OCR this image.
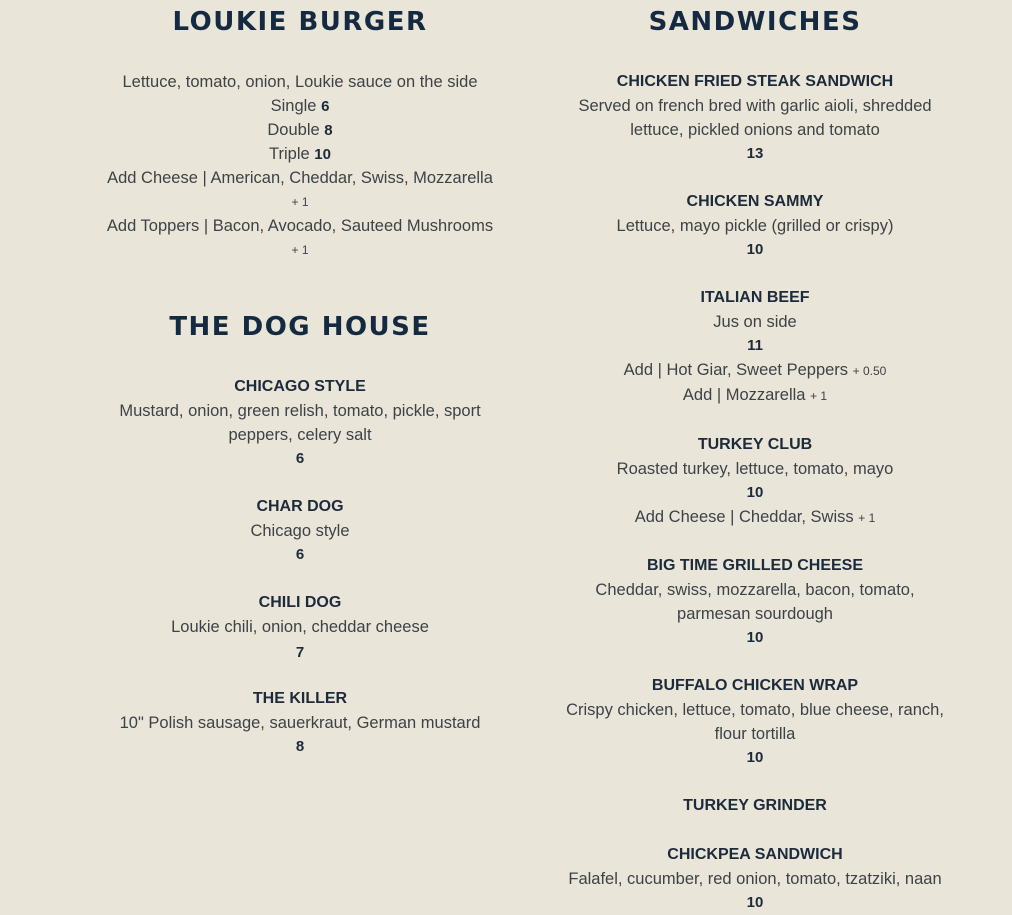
LOUKIE BURGER
Lettuce, tomato, onion, Loukie sauce on the side
Single 6
Double 8
Triple 10
Add Cheese | American, Cheddar, Swiss, Mozzarella
+ 1
Add Toppers | Bacon, Avocado, Sauteed Mushrooms
+ 1
THE DOG HOUSE
CHICAGO STYLE
Mustard, onion, green relish, tomato, pickle, sport
peppers, celery salt
6
CHAR DOG
Chicago style
6
CHILI DOG
Loukie chili, onion, cheddar cheese
7
THE KILLER
10" Polish sausage, sauerkraut, German mustard
8
SANDWICHES
CHICKEN FRIED STEAK SANDWICH
Served on french bred with garlic aioli, shredded
lettuce, pickled onions and tomato
13
CHICKEN SAMMY
Lettuce, mayo pickle (grilled or crispy)
10
ITALIAN BEEF
Jus on side
11
Add | Hot Giar, Sweet Peppers + 0.50
Add | Mozzarella + 1
TURKEY CLUB
Roasted turkey, lettuce, tomato, mayo
10
Add Cheese | Cheddar, Swiss + 1
BIG TIME GRILLED CHEESE
Cheddar, swiss, mozzarella, bacon, tomato,
parmesan sourdough
10
BUFFALO CHICKEN WRAP
Crispy chicken, lettuce, tomato, blue cheese, ranch,
flour tortilla
10
TURKEY GRINDER
CHICKPEA SANDWICH
Falafel, cucumber, red onion, tomato, tzatziki, naan
10
